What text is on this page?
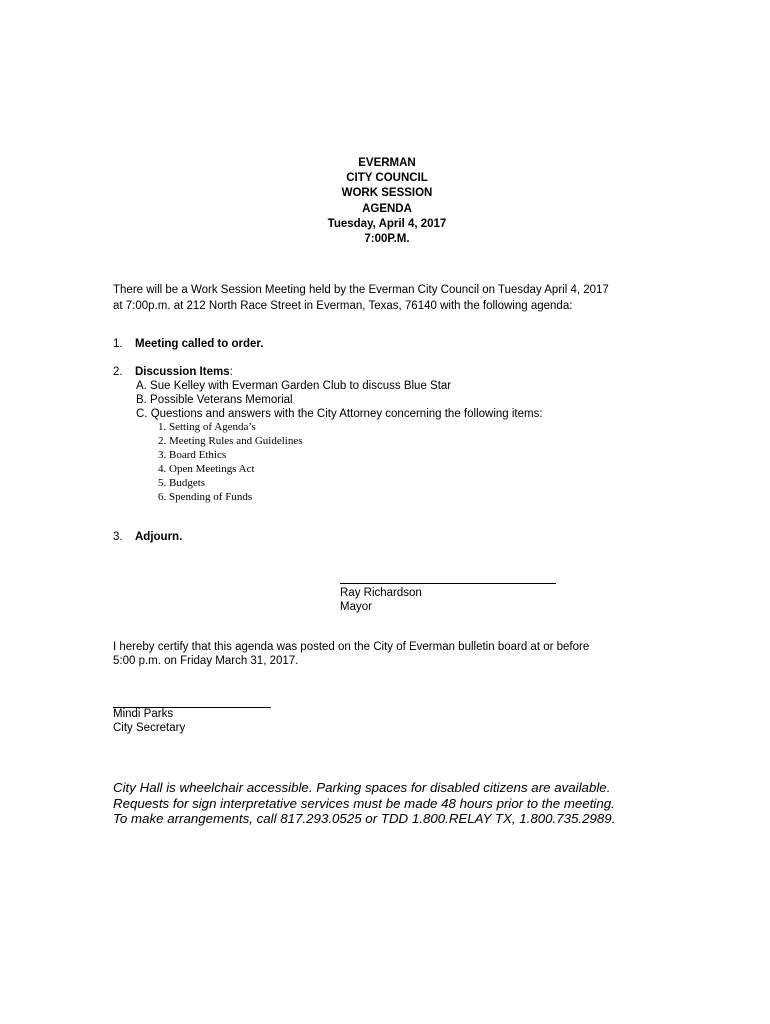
EVERMAN
CITY COUNCIL
WORK SESSION
AGENDA
Tuesday, April 4, 2017
7:00P.M.
There will be a Work Session Meeting held by the Everman City Council on Tuesday April 4, 2017
at 7:00p.m. at 212 North Race Street in Everman, Texas, 76140 with the following agenda:
1. Meeting called to order.
2. Discussion Items:
A. Sue Kelley with Everman Garden Club to discuss Blue Star
B. Possible Veterans Memorial
C. Questions and answers with the City Attorney concerning the following items:
1. Setting of Agenda’s
2. Meeting Rules and Guidelines
3. Board Ethics
4. Open Meetings Act
5. Budgets
6. Spending of Funds
3. Adjourn.
Ray Richardson
Mayor
I hereby certify that this agenda was posted on the City of Everman bulletin board at or before
5:00 p.m. on Friday March 31, 2017.
Mindi Parks
City Secretary
City Hall is wheelchair accessible. Parking spaces for disabled citizens are available.
Requests for sign interpretative services must be made 48 hours prior to the meeting.
To make arrangements, call 817.293.0525 or TDD 1.800.RELAY TX, 1.800.735.2989.
